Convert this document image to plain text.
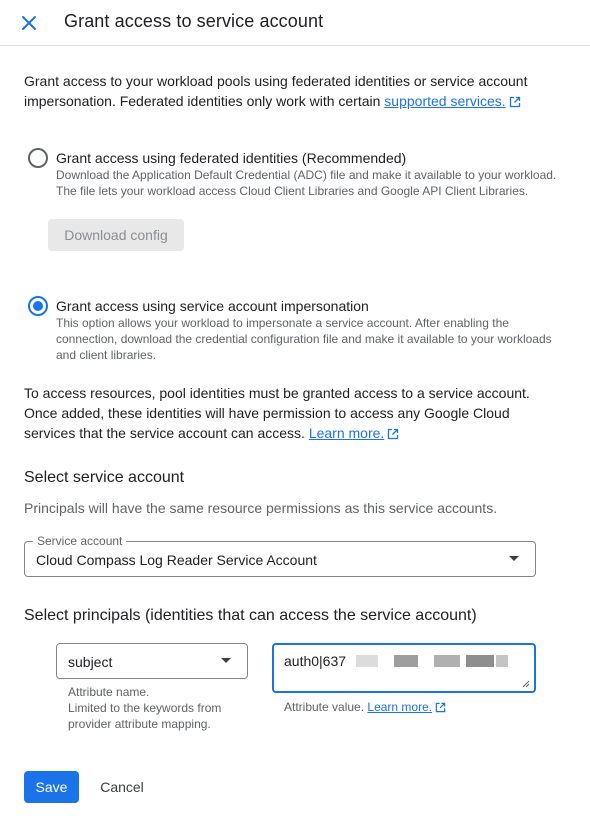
Grant access to service account
Grant access to your workload pools using federated identities or service account impersonation. Federated identities only work with certain supported services.
Grant access using federated identities (Recommended)
Download the Application Default Credential (ADC) file and make it available to your workload. The file lets your workload access Cloud Client Libraries and Google API Client Libraries.
Download config
Grant access using service account impersonation
This option allows your workload to impersonate a service account. After enabling the connection, download the credential configuration file and make it available to your workloads and client libraries.
To access resources, pool identities must be granted access to a service account. Once added, these identities will have permission to access any Google Cloud services that the service account can access. Learn more.
Select service account
Principals will have the same resource permissions as this service accounts.
Service account
Cloud Compass Log Reader Service Account
Select principals (identities that can access the service account)
subject
Attribute name.
Limited to the keywords from
provider attribute mapping.
auth0|637
Attribute value. Learn more.
Save	Cancel
